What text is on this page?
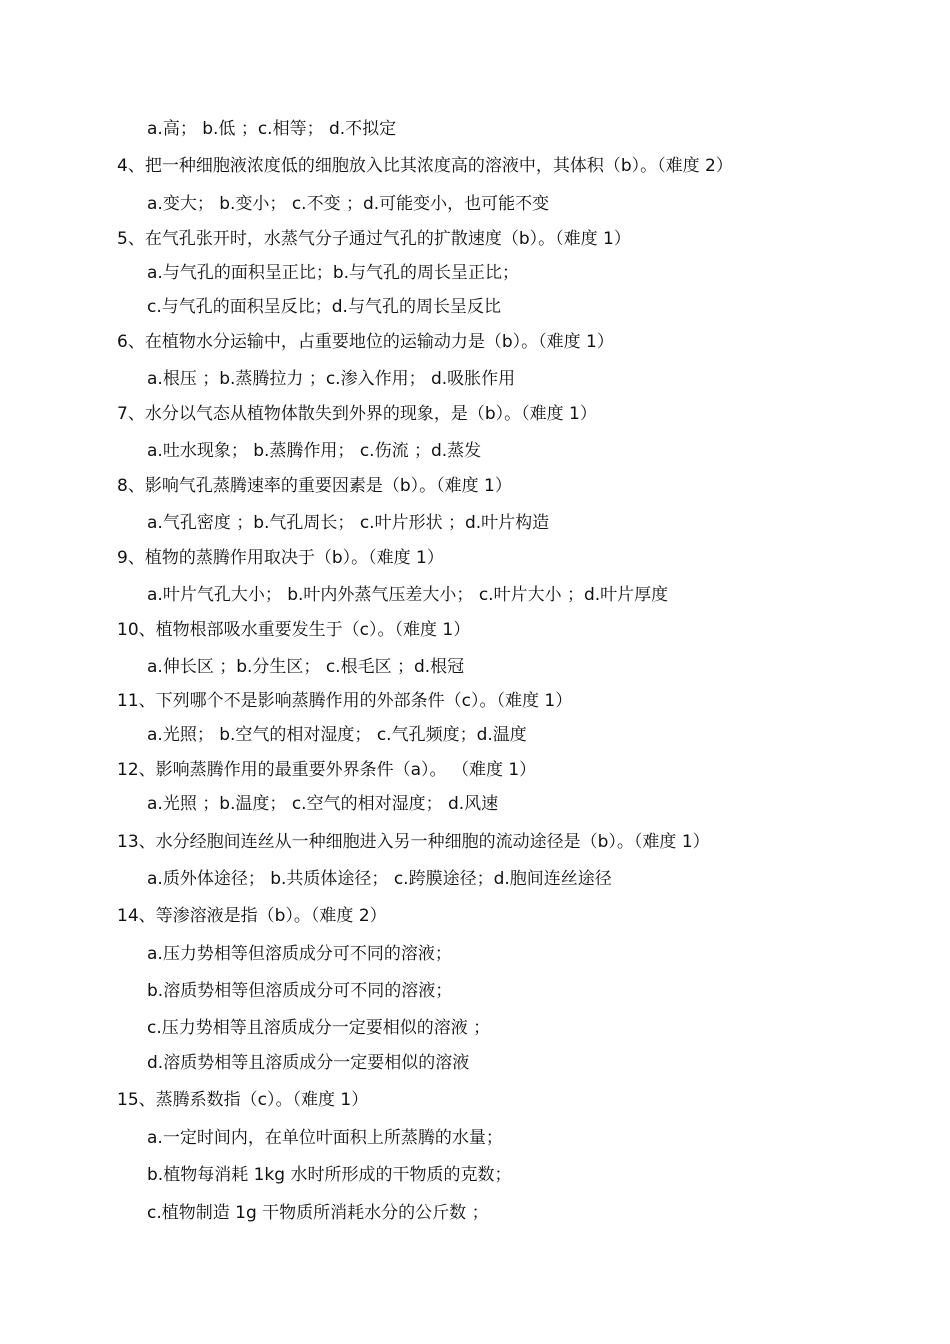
a.高； b.低 ；c.相等； d.不拟定
4、把一种细胞液浓度低的细胞放入比其浓度高的溶液中，其体积（b）。（难度 2）
a.变大； b.变小； c.不变 ；d.可能变小，也可能不变
5、在气孔张开时，水蒸气分子通过气孔的扩散速度（b）。（难度 1）
a.与气孔的面积呈正比；b.与气孔的周长呈正比；
c.与气孔的面积呈反比；d.与气孔的周长呈反比
6、在植物水分运输中，占重要地位的运输动力是（b）。（难度 1）
a.根压 ；b.蒸腾拉力 ；c.渗入作用； d.吸胀作用
7、水分以气态从植物体散失到外界的现象，是（b）。（难度 1）
a.吐水现象； b.蒸腾作用； c.伤流 ；d.蒸发
8、影响气孔蒸腾速率的重要因素是（b）。（难度 1）
a.气孔密度 ；b.气孔周长； c.叶片形状 ；d.叶片构造
9、植物的蒸腾作用取决于（b）。（难度 1）
a.叶片气孔大小； b.叶内外蒸气压差大小； c.叶片大小 ；d.叶片厚度
10、植物根部吸水重要发生于（c）。（难度 1）
a.伸长区 ；b.分生区； c.根毛区 ；d.根冠
11、下列哪个不是影响蒸腾作用的外部条件（c）。（难度 1）
a.光照； b.空气的相对湿度； c.气孔频度；d.温度
12、影响蒸腾作用的最重要外界条件（a）。 （难度 1）
a.光照 ；b.温度； c.空气的相对湿度； d.风速
13、水分经胞间连丝从一种细胞进入另一种细胞的流动途径是（b）。（难度 1）
a.质外体途径； b.共质体途径； c.跨膜途径；d.胞间连丝途径
14、等渗溶液是指（b）。（难度 2）
a.压力势相等但溶质成分可不同的溶液；
b.溶质势相等但溶质成分可不同的溶液；
c.压力势相等且溶质成分一定要相似的溶液 ；
d.溶质势相等且溶质成分一定要相似的溶液
15、蒸腾系数指（c）。（难度 1）
a.一定时间内，在单位叶面积上所蒸腾的水量；
b.植物每消耗 1kg 水时所形成的干物质的克数；
c.植物制造 1g 干物质所消耗水分的公斤数 ；
